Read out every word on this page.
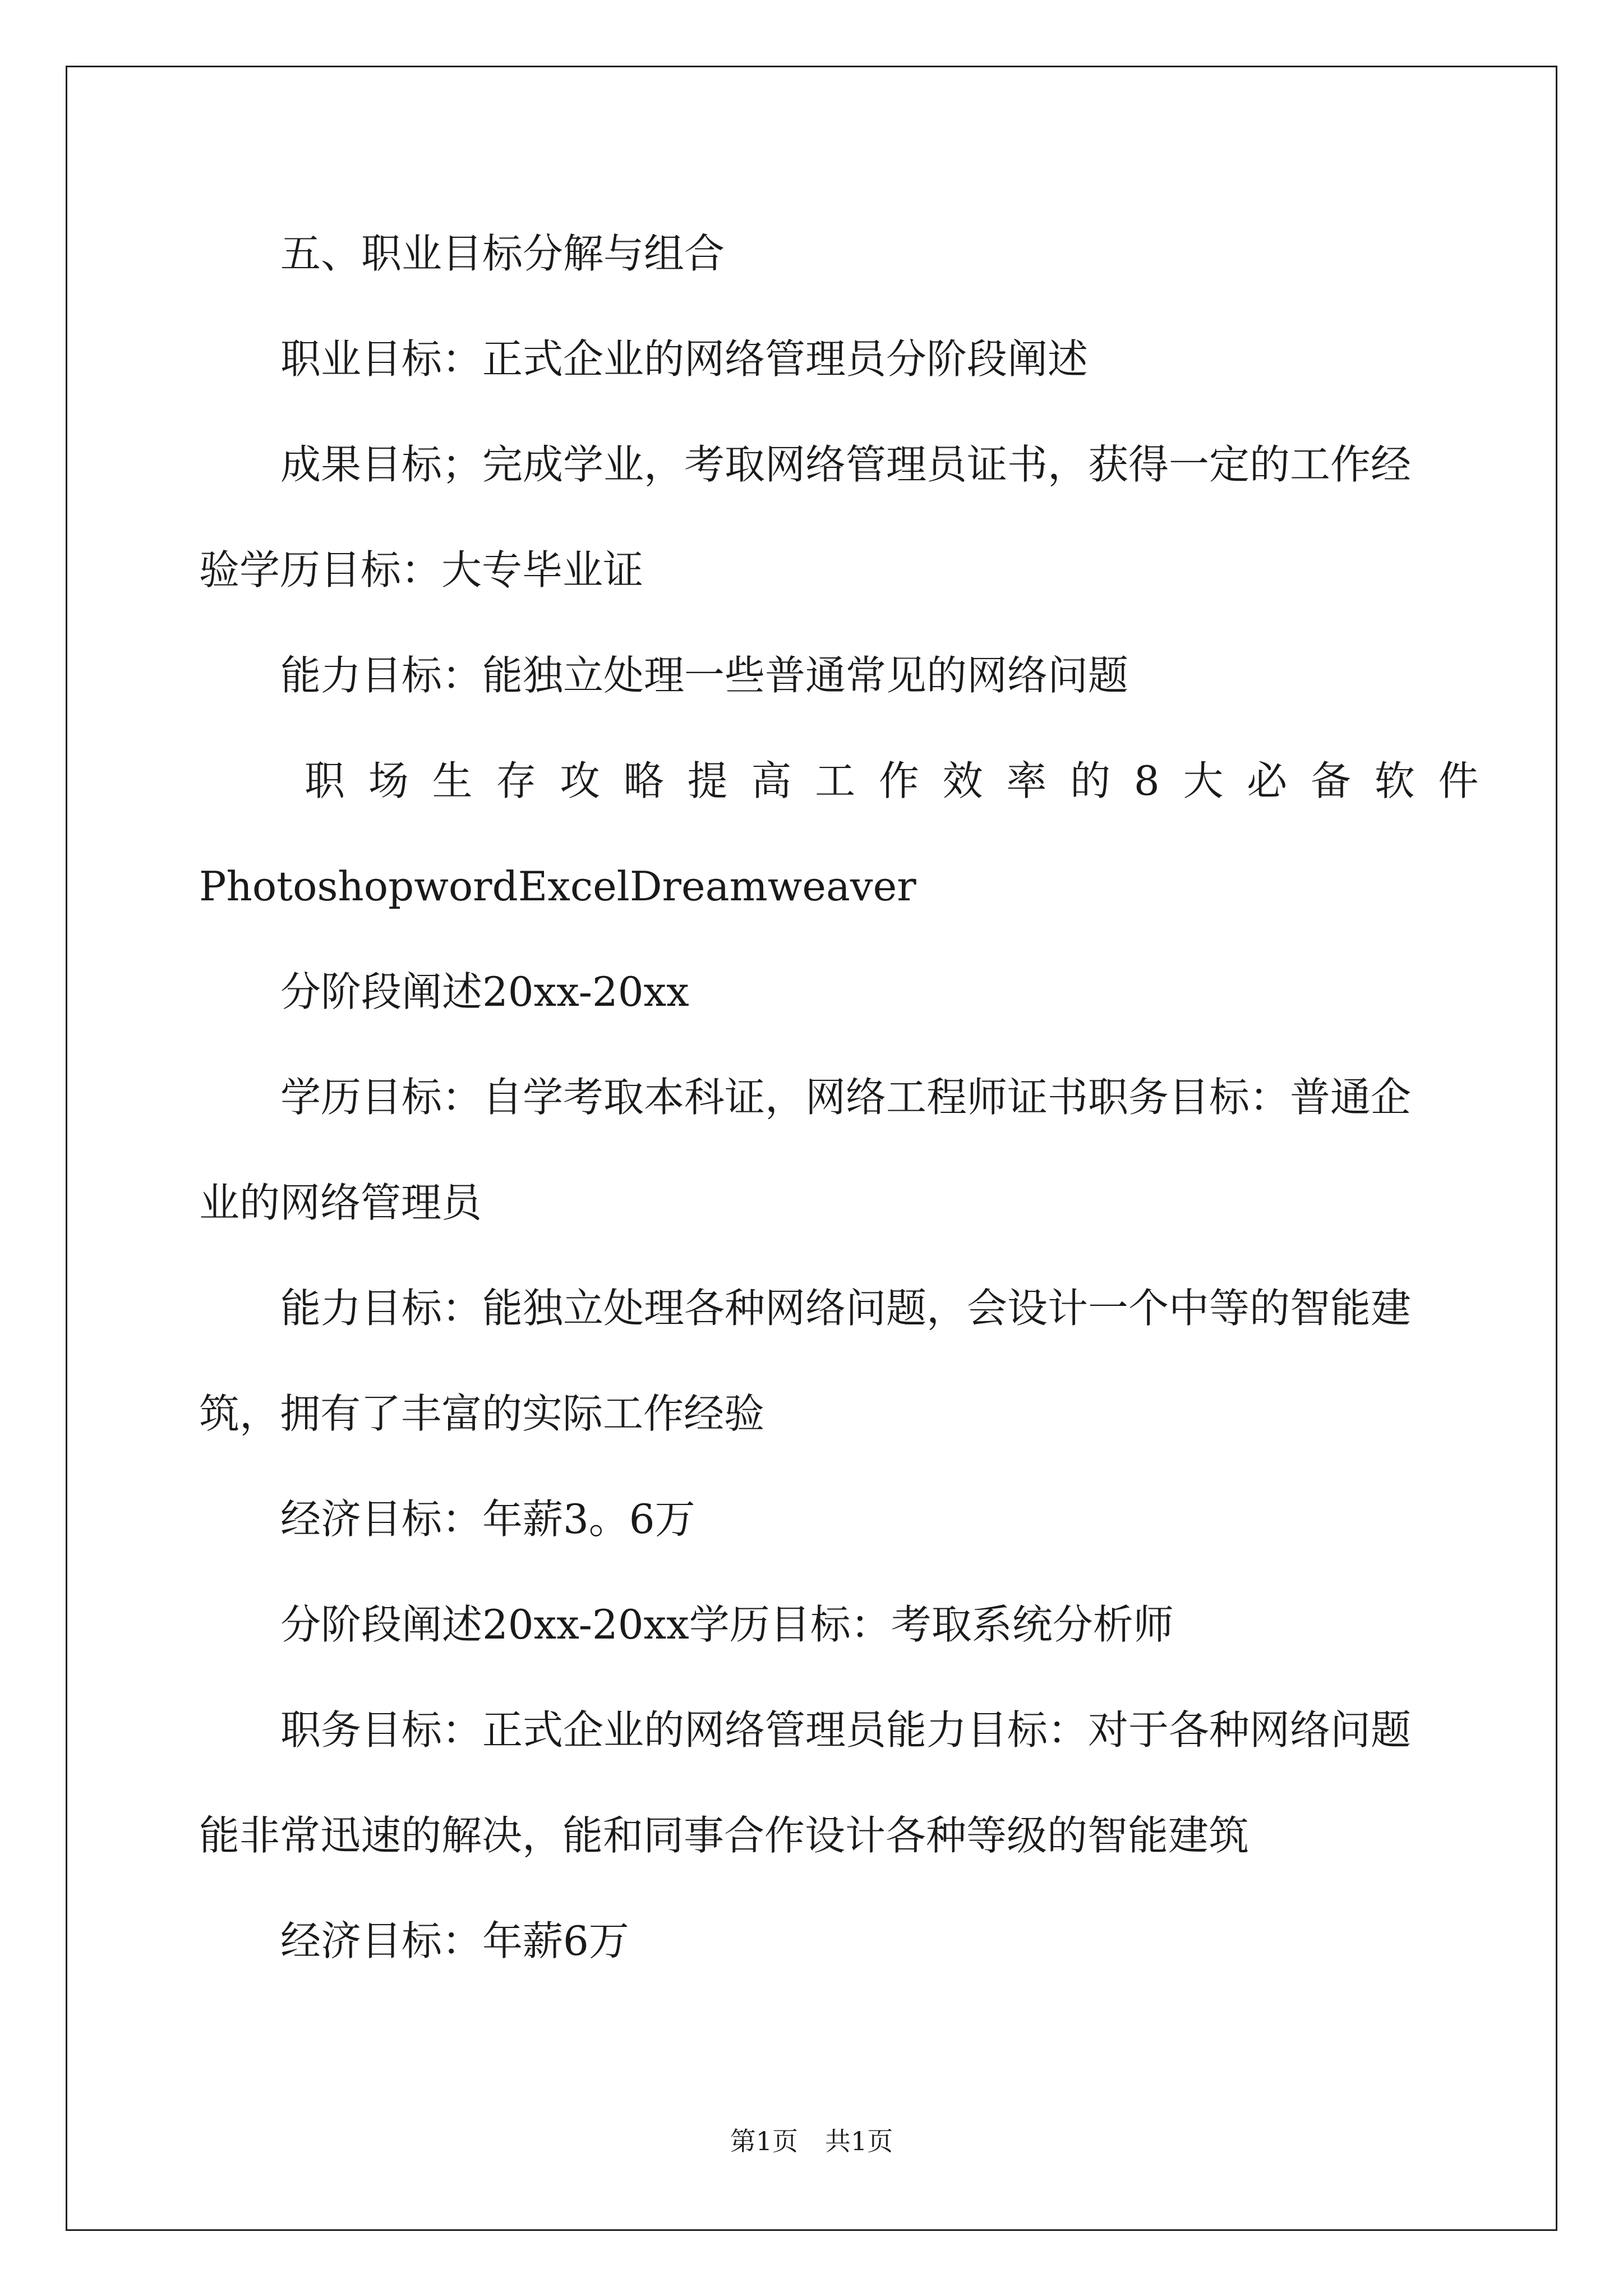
五、职业目标分解与组合

职业目标：正式企业的网络管理员分阶段阐述

成果目标；完成学业，考取网络管理员证书，获得一定的工作经

验学历目标：大专毕业证

能力目标：能独立处理一些普通常见的网络问题

职场生存攻略提高工作效率的8大必备软件

PhotoshopwordExcelDreamweaver

分阶段阐述20xx-20xx

学历目标：自学考取本科证，网络工程师证书职务目标：普通企

业的网络管理员

能力目标：能独立处理各种网络问题，会设计一个中等的智能建

筑，拥有了丰富的实际工作经验

经济目标：年薪3。6万

分阶段阐述20xx-20xx学历目标：考取系统分析师

职务目标：正式企业的网络管理员能力目标：对于各种网络问题

能非常迅速的解决，能和同事合作设计各种等级的智能建筑

经济目标：年薪6万

第1页 共1页
